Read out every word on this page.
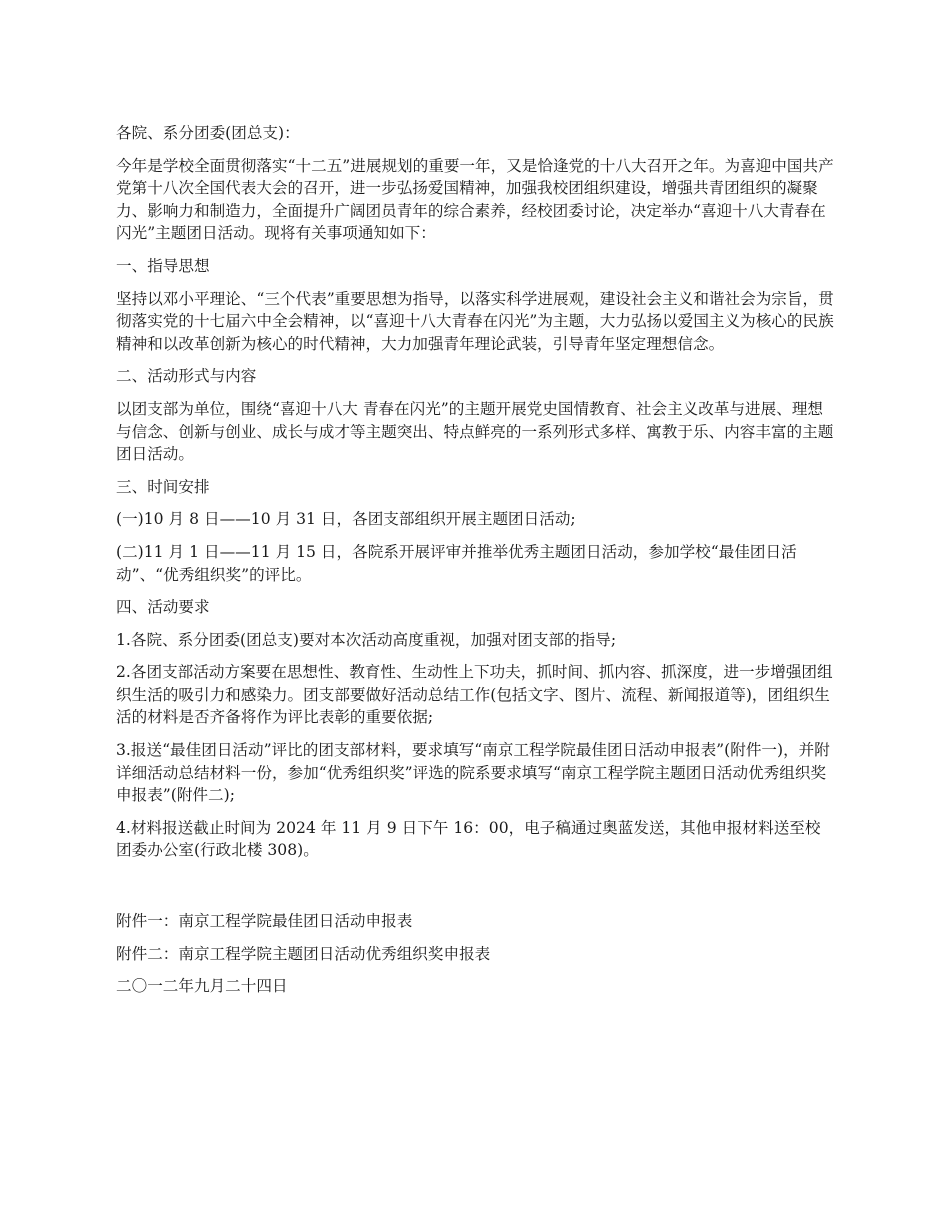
各院、系分团委(团总支)：

今年是学校全面贯彻落实“十二五”进展规划的重要一年，又是恰逢党的十八大召开之年。为喜迎中国共产党第十八次全国代表大会的召开，进一步弘扬爱国精神，加强我校团组织建设，增强共青团组织的凝聚力、影响力和制造力，全面提升广阔团员青年的综合素养，经校团委讨论，决定举办“喜迎十八大青春在闪光”主题团日活动。现将有关事项通知如下：

一、指导思想

坚持以邓小平理论、“三个代表”重要思想为指导，以落实科学进展观，建设社会主义和谐社会为宗旨，贯彻落实党的十七届六中全会精神，以“喜迎十八大青春在闪光”为主题，大力弘扬以爱国主义为核心的民族精神和以改革创新为核心的时代精神，大力加强青年理论武装，引导青年坚定理想信念。

二、活动形式与内容

以团支部为单位，围绕“喜迎十八大 青春在闪光”的主题开展党史国情教育、社会主义改革与进展、理想与信念、创新与创业、成长与成才等主题突出、特点鲜亮的一系列形式多样、寓教于乐、内容丰富的主题团日活动。

三、时间安排

(一)10 月 8 日——10 月 31 日，各团支部组织开展主题团日活动;

(二)11 月 1 日——11 月 15 日，各院系开展评审并推举优秀主题团日活动，参加学校“最佳团日活动”、“优秀组织奖”的评比。

四、活动要求

1.各院、系分团委(团总支)要对本次活动高度重视，加强对团支部的指导;

2.各团支部活动方案要在思想性、教育性、生动性上下功夫，抓时间、抓内容、抓深度，进一步增强团组织生活的吸引力和感染力。团支部要做好活动总结工作(包括文字、图片、流程、新闻报道等)，团组织生活的材料是否齐备将作为评比表彰的重要依据;

3.报送“最佳团日活动”评比的团支部材料，要求填写“南京工程学院最佳团日活动申报表”(附件一)，并附详细活动总结材料一份，参加“优秀组织奖”评选的院系要求填写“南京工程学院主题团日活动优秀组织奖申报表”(附件二);

4.材料报送截止时间为 2024 年 11 月 9 日下午 16：00，电子稿通过奥蓝发送，其他申报材料送至校团委办公室(行政北楼 308)。

附件一：南京工程学院最佳团日活动申报表

附件二：南京工程学院主题团日活动优秀组织奖申报表

二〇一二年九月二十四日
